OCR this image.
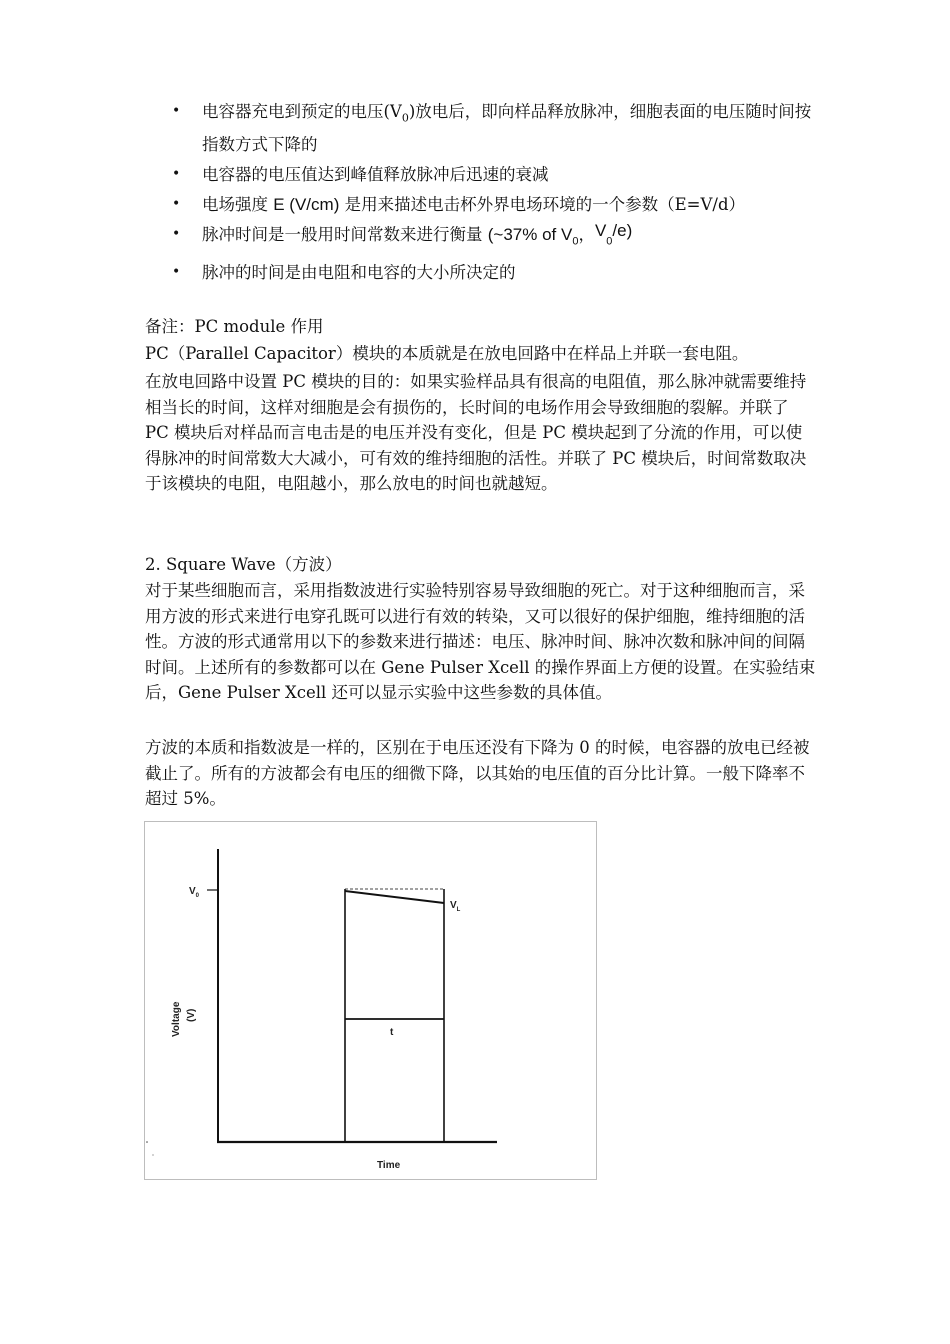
• 电容器充电到预定的电压$(V_0)$放电后，即向样品释放脉冲，细胞表面的电压随时间按指数方式下降的
• 电容器的电压值达到峰值释放脉冲后迅速的衰减
• 电场强度 E (V/cm) 是用来描述电击杯外界电场环境的一个参数（E=V/d）
• 脉冲时间是一般用时间常数来进行衡量 (~37% of $V_0$，$V_0/e$)
• 脉冲的时间是由电阻和电容的大小所决定的

备注：PC module 作用

PC（Parallel Capacitor）模块的本质就是在放电回路中在样品上并联一套电阻。

在放电回路中设置 PC 模块的目的：如果实验样品具有很高的电阻值，那么脉冲就需要维持相当长的时间，这样对细胞是会有损伤的，长时间的电场作用会导致细胞的裂解。并联了 PC 模块后对样品而言电击是的电压并没有变化，但是 PC 模块起到了分流的作用，可以使得脉冲的时间常数大大减小，可有效的维持细胞的活性。并联了 PC 模块后，时间常数取决于该模块的电阻，电阻越小，那么放电的时间也就越短。

2. Square Wave（方波）

对于某些细胞而言，采用指数波进行实验特别容易导致细胞的死亡。对于这种细胞而言，采用方波的形式来进行电穿孔既可以进行有效的转染，又可以很好的保护细胞，维持细胞的活性。方波的形式通常用以下的参数来进行描述：电压、脉冲时间、脉冲次数和脉冲间的间隔时间。上述所有的参数都可以在 Gene Pulser Xcell 的操作界面上方便的设置。在实验结束后，Gene Pulser Xcell 还可以显示实验中这些参数的具体值。

方波的本质和指数波是一样的，区别在于电压还没有下降为 0 的时候，电容器的放电已经被截止了。所有的方波都会有电压的细微下降，以其始的电压值的百分比计算。一般下降率不超过 5%。

$V_0$
$V_L$
t
Voltage (V)
Time
